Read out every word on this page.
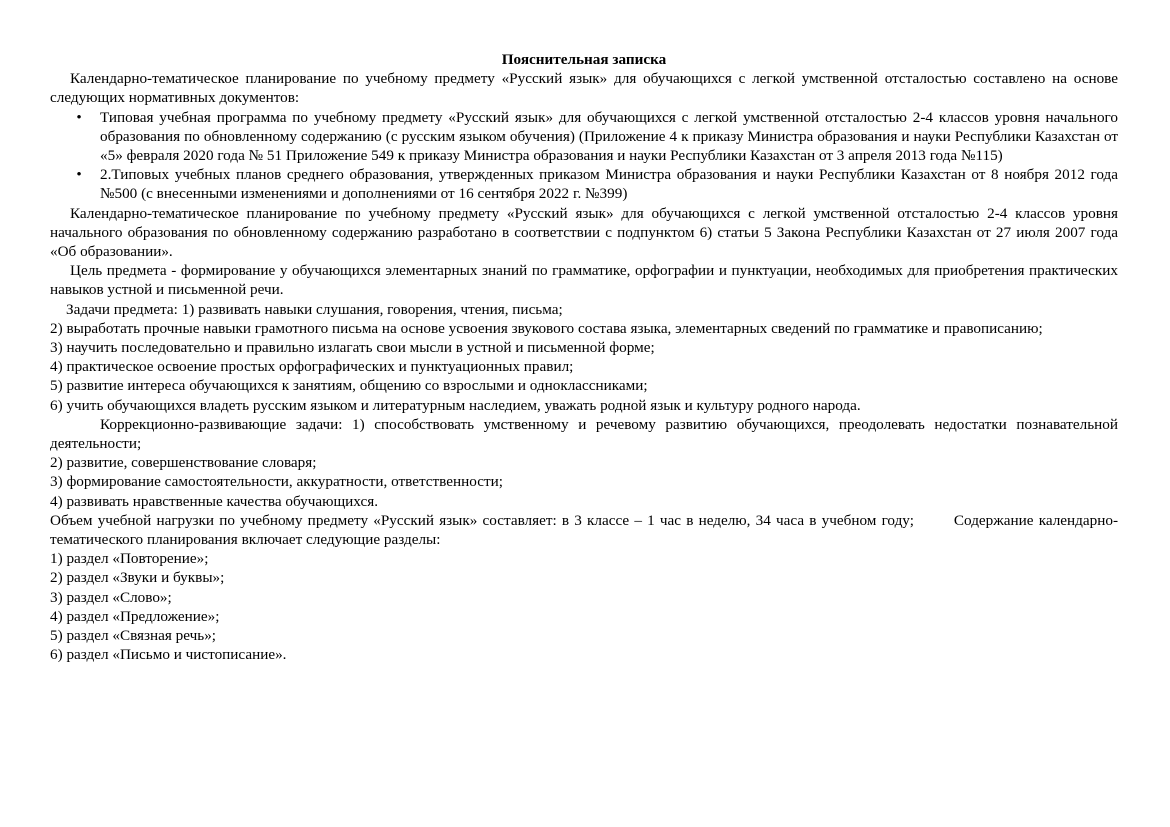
Пояснительная записка

Календарно-тематическое планирование по учебному предмету «Русский язык» для обучающихся с легкой умственной отсталостью составлено на основе следующих нормативных документов:

• Типовая учебная программа по учебному предмету «Русский язык» для обучающихся с легкой умственной отсталостью 2-4 классов уровня начального образования по обновленному содержанию (с русским языком обучения) (Приложение 4 к приказу Министра образования и науки Республики Казахстан от «5» февраля 2020 года № 51 Приложение 549 к приказу Министра образования и науки Республики Казахстан от 3 апреля 2013 года №115)
• 2.Типовых учебных планов среднего образования, утвержденных приказом Министра образования и науки Республики Казахстан от 8 ноября 2012 года №500 (с внесенными изменениями и дополнениями от 16 сентября 2022 г. №399)

Календарно-тематическое планирование по учебному предмету «Русский язык» для обучающихся с легкой умственной отсталостью 2-4 классов уровня начального образования по обновленному содержанию разработано в соответствии с подпунктом 6) статьи 5 Закона Республики Казахстан от 27 июля 2007 года «Об образовании».

Цель предмета - формирование у обучающихся элементарных знаний по грамматике, орфографии и пунктуации, необходимых для приобретения практических навыков устной и письменной речи.

Задачи предмета: 1) развивать навыки слушания, говорения, чтения, письма;

2) выработать прочные навыки грамотного письма на основе усвоения звукового состава языка, элементарных сведений по грамматике и правописанию;

3) научить последовательно и правильно излагать свои мысли в устной и письменной форме;

4) практическое освоение простых орфографических и пунктуационных правил;

5) развитие интереса обучающихся к занятиям, общению со взрослыми и одноклассниками;

6) учить обучающихся владеть русским языком и литературным наследием, уважать родной язык и культуру родного народа.

Коррекционно-развивающие задачи: 1) способствовать умственному и речевому развитию обучающихся, преодолевать недостатки познавательной деятельности;

2) развитие, совершенствование словаря;

3) формирование самостоятельности, аккуратности, ответственности;

4) развивать нравственные качества обучающихся.

Объем учебной нагрузки по учебному предмету «Русский язык» составляет: в 3 классе – 1 час в неделю, 34 часа в учебном году;	Содержание календарно-тематического планирования включает следующие разделы:

1) раздел «Повторение»;

2) раздел «Звуки и буквы»;

3) раздел «Слово»;

4) раздел «Предложение»;

5) раздел «Связная речь»;

6) раздел «Письмо и чистописание».
